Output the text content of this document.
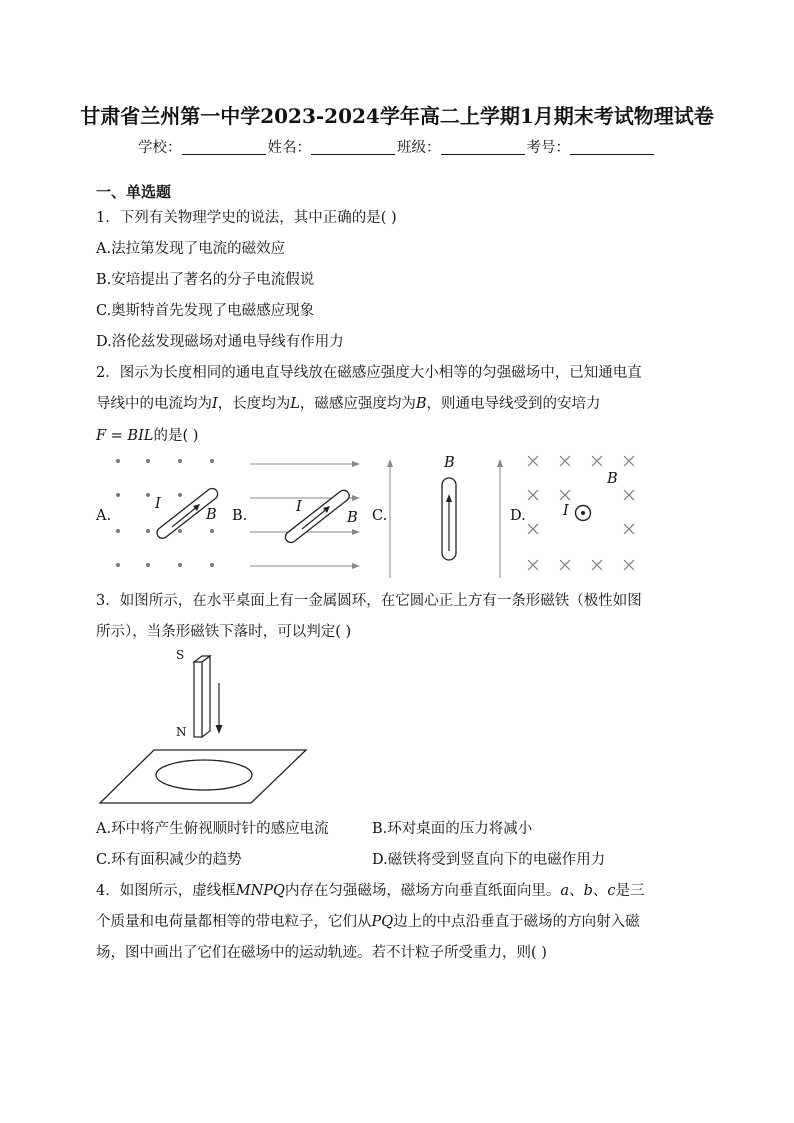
甘肃省兰州第一中学2023-2024学年高二上学期1月期末考试物理试卷
学校：	姓名：	班级：	考号：
一、单选题
1．下列有关物理学史的说法，其中正确的是( )
A.法拉第发现了电流的磁效应
B.安培提出了著名的分子电流假说
C.奥斯特首先发现了电磁感应现象
D.洛伦兹发现磁场对通电导线有作用力
2．图示为长度相同的通电直导线放在磁感应强度大小相等的匀强磁场中，已知通电直
导线中的电流均为I，长度均为L，磁感应强度均为B，则通电导线受到的安培力
F = BIL的是( )
A.
I
B B.
I
B C.
B
D.	I
B
3．如图所示，在水平桌面上有一金属圆环，在它圆心正上方有一条形磁铁（极性如图
所示），当条形磁铁下落时，可以判定( )
S
N
A.环中将产生俯视顺时针的感应电流	B.环对桌面的压力将减小
C.环有面积减少的趋势	D.磁铁将受到竖直向下的电磁作用力
4．如图所示，虚线框MNPQ内存在匀强磁场，磁场方向垂直纸面向里。a、b、c是三
个质量和电荷量都相等的带电粒子，它们从PQ边上的中点沿垂直于磁场的方向射入磁
场，图中画出了它们在磁场中的运动轨迹。若不计粒子所受重力，则( )
